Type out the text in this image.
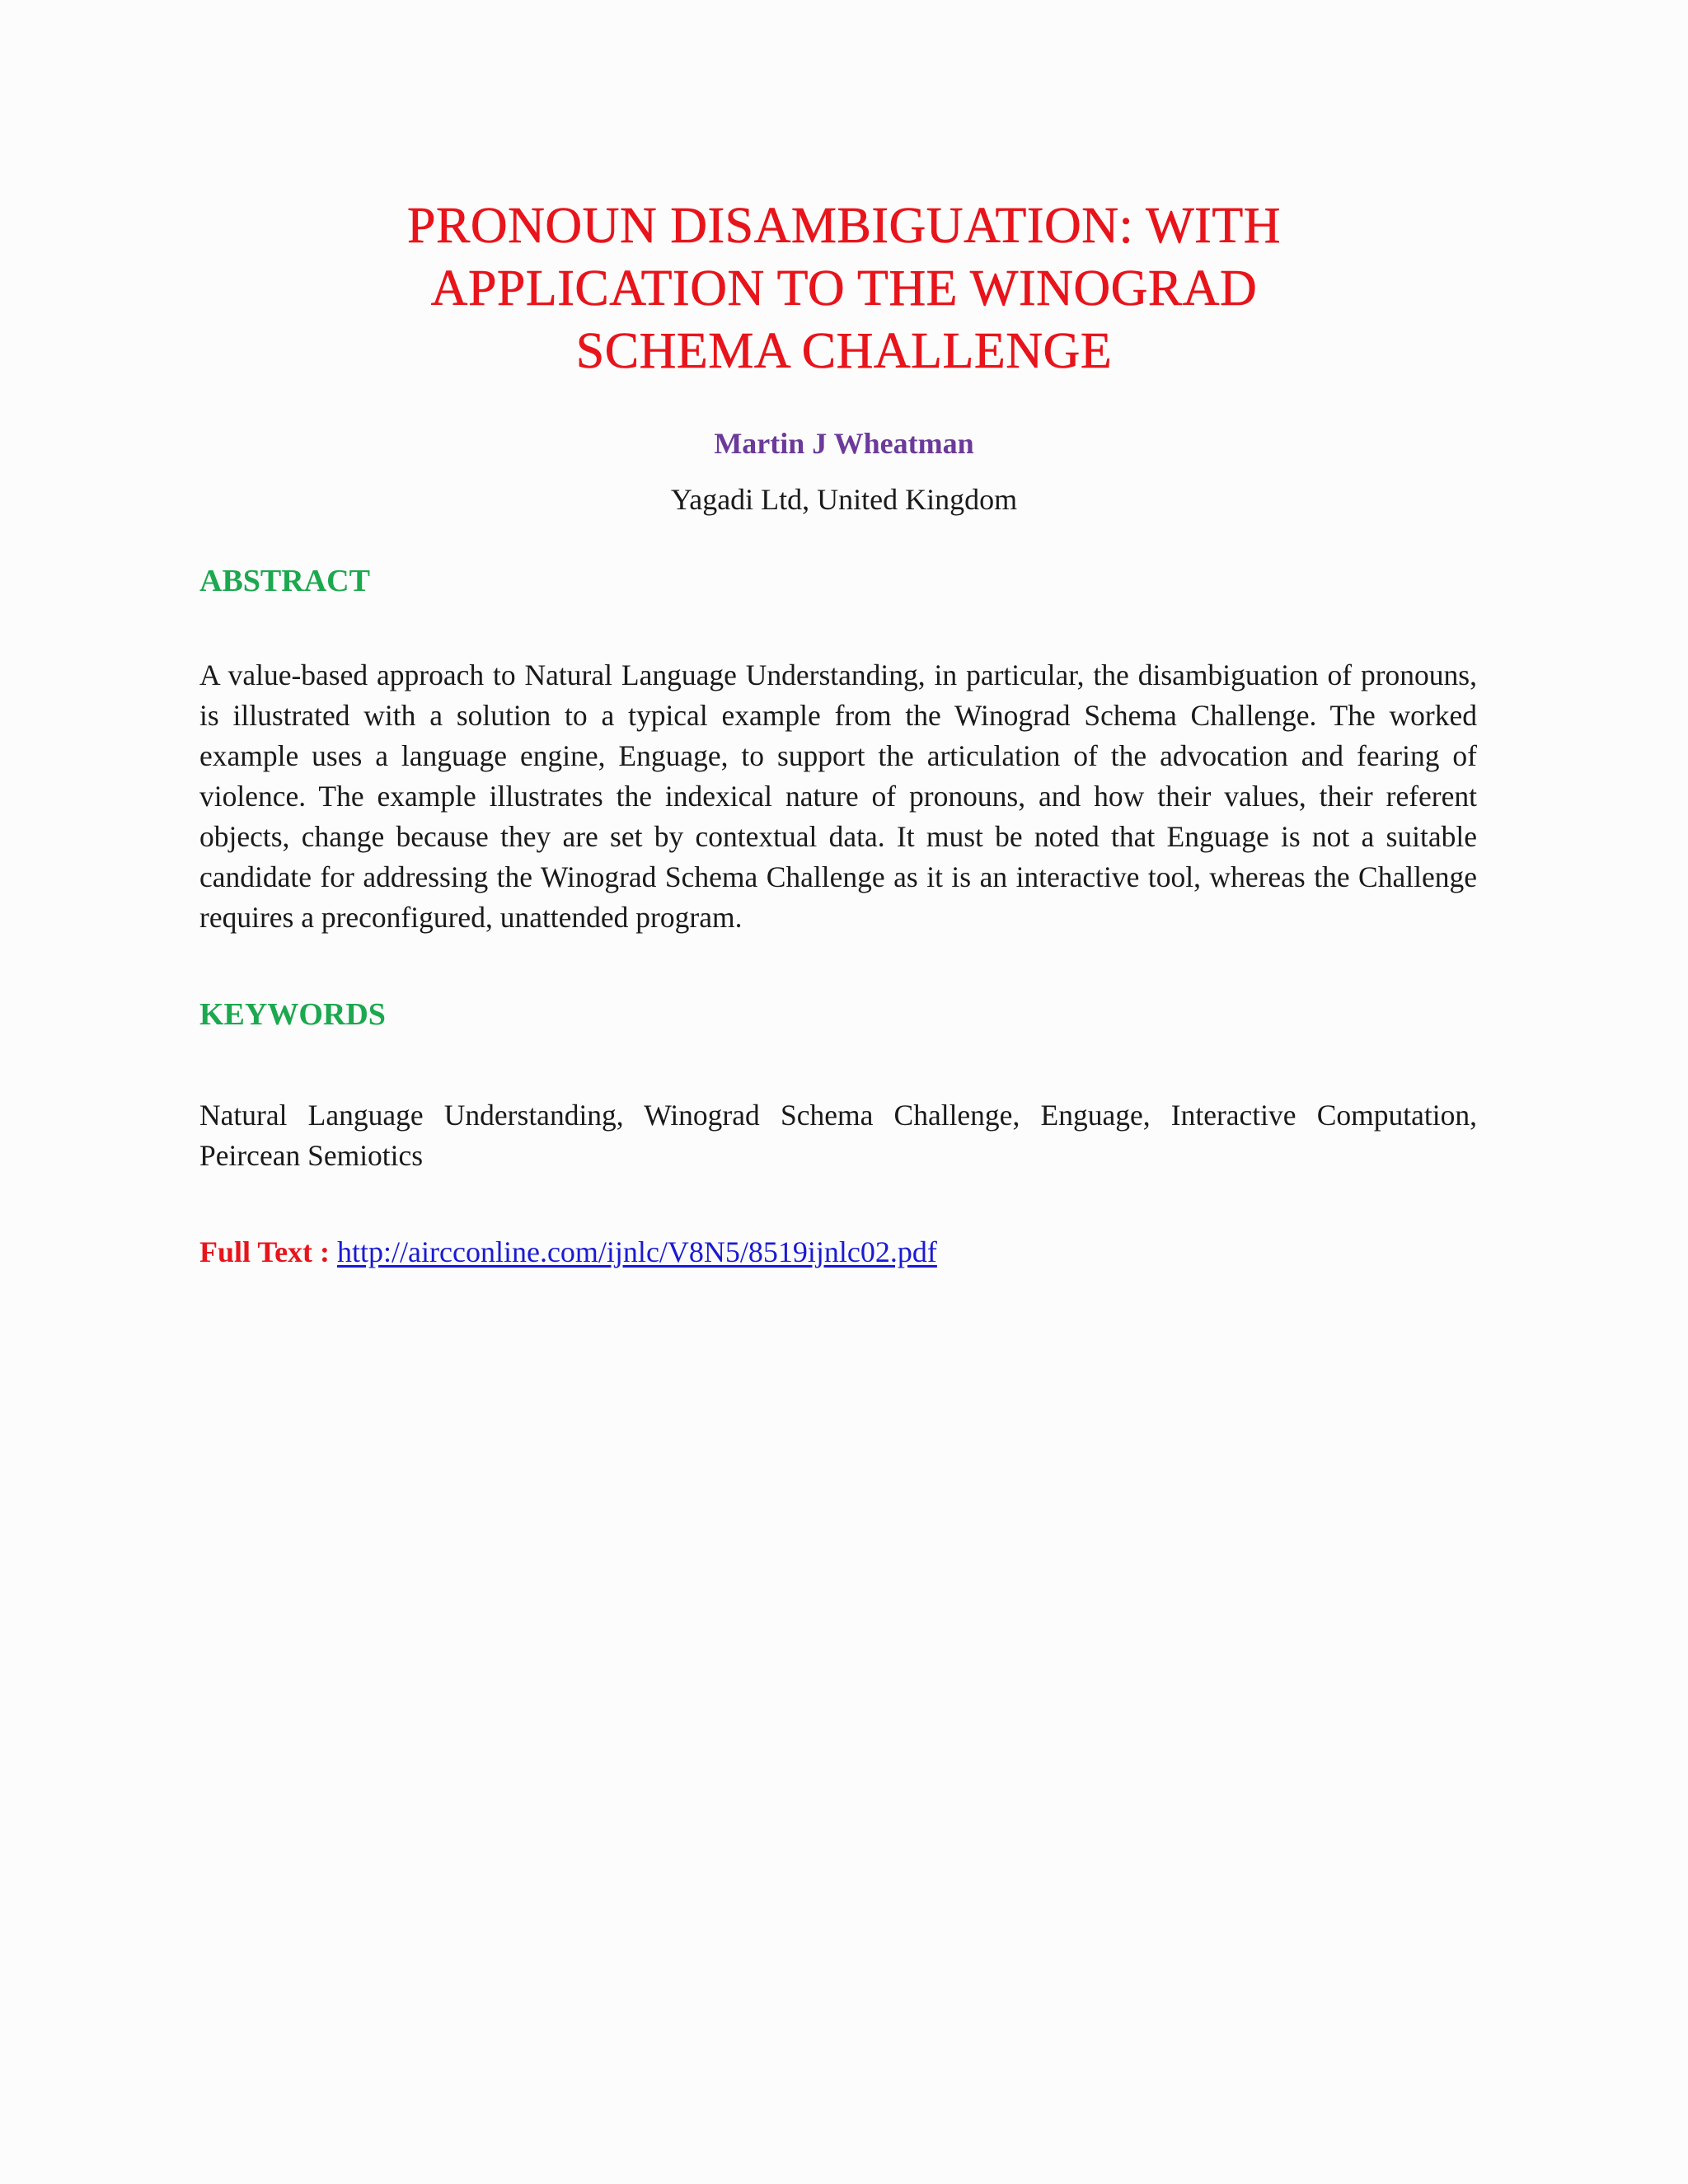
PRONOUN DISAMBIGUATION: WITH
APPLICATION TO THE WINOGRAD
SCHEMA CHALLENGE
Martin J Wheatman
Yagadi Ltd, United Kingdom
ABSTRACT

A value-based approach to Natural Language Understanding, in particular, the disambiguation of pronouns, is illustrated with a solution to a typical example from the Winograd Schema Challenge. The worked example uses a language engine, Enguage, to support the articulation of the advocation and fearing of violence. The example illustrates the indexical nature of pronouns, and how their values, their referent objects, change because they are set by contextual data. It must be noted that Enguage is not a suitable candidate for addressing the Winograd Schema Challenge as it is an interactive tool, whereas the Challenge requires a preconfigured, unattended program.

KEYWORDS

Natural Language Understanding, Winograd Schema Challenge, Enguage, Interactive Computation, Peircean Semiotics

Full Text : http://aircconline.com/ijnlc/V8N5/8519ijnlc02.pdf
